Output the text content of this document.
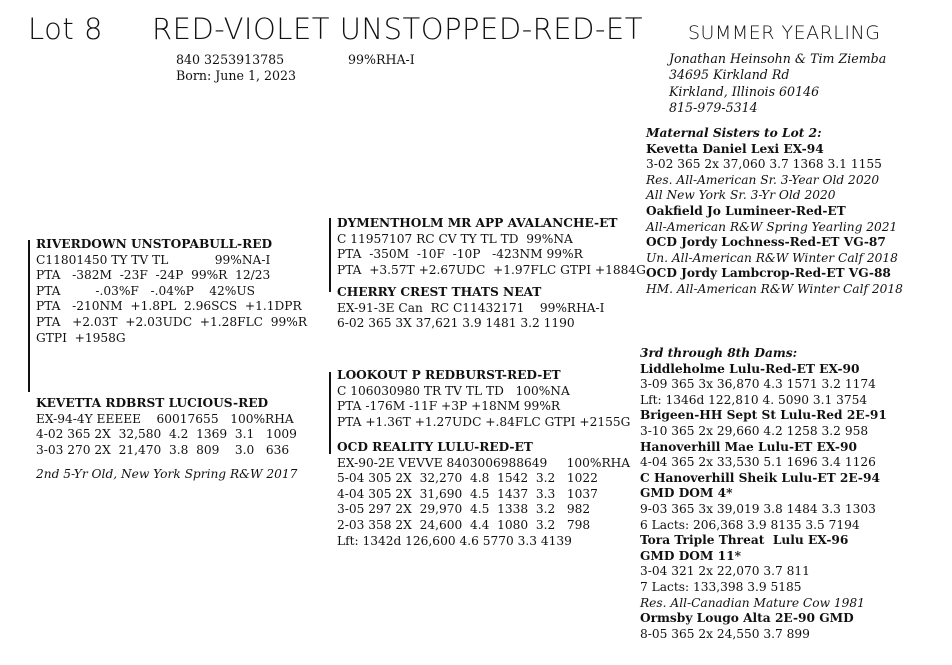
Lot 8 RED-VIOLET UNSTOPPED-RED-ET SUMMER YEARLING
840 3253913785	99%RHA-I
Born: June 1, 2023
Jonathan Heinsohn & Tim Ziemba
34695 Kirkland Rd
Kirkland, Illinois 60146
815-979-5314
RIVERDOWN UNSTOPABULL-RED
C11801450 TY TV TL            99%NA-I
PTA   -382M  -23F  -24P  99%R  12/23
PTA         -.03%F   -.04%P    42%US
PTA   -210NM  +1.8PL  2.96SCS  +1.1DPR
PTA   +2.03T  +2.03UDC  +1.28FLC  99%R
GTPI  +1958G
KEVETTA RDBRST LUCIOUS-RED
EX-94-4Y EEEEE    60017655   100%RHA
4-02 365 2X  32,580  4.2  1369  3.1   1009
3-03 270 2X  21,470  3.8  809    3.0   636
2nd 5-Yr Old, New York Spring R&W 2017
DYMENTHOLM MR APP AVALANCHE-ET
C 11957107 RC CV TY TL TD  99%NA
PTA  -350M  -10F  -10P   -423NM 99%R
PTA  +3.57T +2.67UDC  +1.97FLC GTPI +1884G
CHERRY CREST THATS NEAT
EX-91-3E Can  RC C11432171    99%RHA-I
6-02 365 3X 37,621 3.9 1481 3.2 1190
LOOKOUT P REDBURST-RED-ET
C 106030980 TR TV TL TD   100%NA
PTA -176M -11F +3P +18NM 99%R
PTA +1.36T +1.27UDC +.84FLC GTPI +2155G
OCD REALITY LULU-RED-ET
EX-90-2E VEVVE 8403006988649     100%RHA
5-04 305 2X  32,270  4.8  1542  3.2   1022
4-04 305 2X  31,690  4.5  1437  3.3   1037
3-05 297 2X  29,970  4.5  1338  3.2   982
2-03 358 2X  24,600  4.4  1080  3.2   798
Lft: 1342d 126,600 4.6 5770 3.3 4139
Maternal Sisters to Lot 2:
Kevetta Daniel Lexi EX-94
3-02 365 2x 37,060 3.7 1368 3.1 1155
Res. All-American Sr. 3-Year Old 2020
All New York Sr. 3-Yr Old 2020
Oakfield Jo Lumineer-Red-ET
All-American R&W Spring Yearling 2021
OCD Jordy Lochness-Red-ET VG-87
Un. All-American R&W Winter Calf 2018
OCD Jordy Lambcrop-Red-ET VG-88
HM. All-American R&W Winter Calf 2018
3rd through 8th Dams:
Liddleholme Lulu-Red-ET EX-90
3-09 365 3x 36,870 4.3 1571 3.2 1174
Lft: 1346d 122,810 4. 5090 3.1 3754
Brigeen-HH Sept St Lulu-Red 2E-91
3-10 365 2x 29,660 4.2 1258 3.2 958
Hanoverhill Mae Lulu-ET EX-90
4-04 365 2x 33,530 5.1 1696 3.4 1126
C Hanoverhill Sheik Lulu-ET 2E-94
GMD DOM 4*
9-03 365 3x 39,019 3.8 1484 3.3 1303
6 Lacts: 206,368 3.9 8135 3.5 7194
Tora Triple Threat  Lulu EX-96
GMD DOM 11*
3-04 321 2x 22,070 3.7 811
7 Lacts: 133,398 3.9 5185
Res. All-Canadian Mature Cow 1981
Ormsby Lougo Alta 2E-90 GMD
8-05 365 2x 24,550 3.7 899
